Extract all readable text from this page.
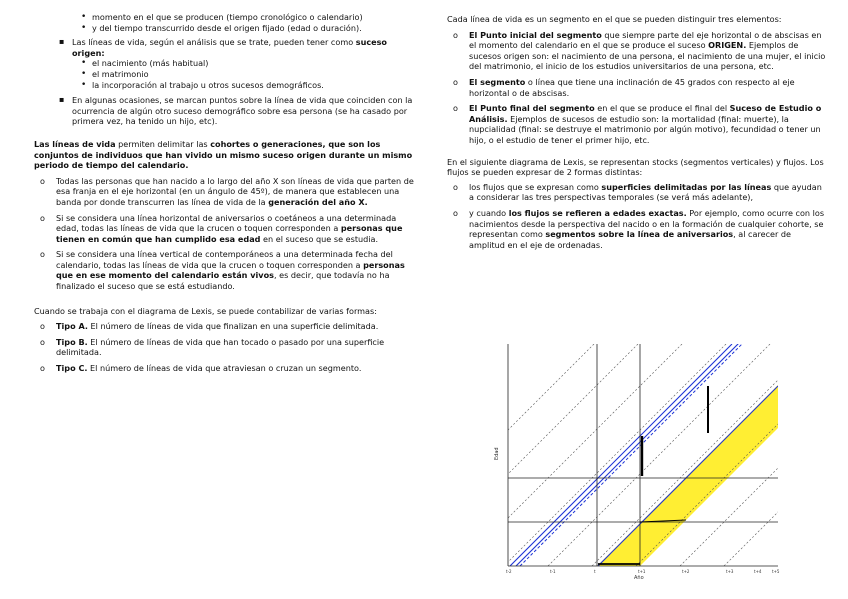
• momento en el que se producen (tiempo cronológico o calendario)
• y del tiempo transcurrido desde el origen fijado (edad o duración).
▪ Las líneas de vida, según el análisis que se trate, pueden tener como suceso origen:
• el nacimiento (más habitual)
• el matrimonio
• la incorporación al trabajo u otros sucesos demográficos.
▪ En algunas ocasiones, se marcan puntos sobre la línea de vida que coinciden con la ocurrencia de algún otro suceso demográfico sobre esa persona (se ha casado por primera vez, ha tenido un hijo, etc).

Las líneas de vida permiten delimitar las cohortes o generaciones, que son los conjuntos de individuos que han vivido un mismo suceso origen durante un mismo periodo de tiempo del calendario.

o Todas las personas que han nacido a lo largo del año X son líneas de vida que parten de esa franja en el eje horizontal (en un ángulo de 45º), de manera que establecen una banda por donde transcurren las línea de vida de la generación del año X.
o Si se considera una línea horizontal de aniversarios o coetáneos a una determinada edad, todas las líneas de vida que la crucen o toquen corresponden a personas que tienen en común que han cumplido esa edad en el suceso que se estudia.
o Si se considera una línea vertical de contemporáneos a una determinada fecha del calendario, todas las líneas de vida que la crucen o toquen corresponden a personas que en ese momento del calendario están vivos, es decir, que todavía no ha finalizado el suceso que se está estudiando.

Cuando se trabaja con el diagrama de Lexis, se puede contabilizar de varias formas:

o Tipo A. El número de líneas de vida que finalizan en una superficie delimitada.
o Tipo B. El número de líneas de vida que han tocado o pasado por una superficie delimitada.
o Tipo C. El número de líneas de vida que atraviesan o cruzan un segmento.

Cada línea de vida es un segmento en el que se pueden distinguir tres elementos:

o El Punto inicial del segmento que siempre parte del eje horizontal o de abscisas en el momento del calendario en el que se produce el suceso ORIGEN. Ejemplos de sucesos origen son: el nacimiento de una persona, el nacimiento de una mujer, el inicio del matrimonio, el inicio de los estudios universitarios de una persona, etc.
o El segmento o línea que tiene una inclinación de 45 grados con respecto al eje horizontal o de abscisas.
o El Punto final del segmento en el que se produce el final del Suceso de Estudio o Análisis. Ejemplos de sucesos de estudio son: la mortalidad (final: muerte), la nupcialidad (final: se destruye el matrimonio por algún motivo), fecundidad o tener un hijo, o el estudio de tener el primer hijo, etc.

En el siguiente diagrama de Lexis, se representan stocks (segmentos verticales) y flujos. Los flujos se pueden expresar de 2 formas distintas:

o los flujos que se expresan como superficies delimitadas por las líneas que ayudan a considerar las tres perspectivas temporales (se verá más adelante),
o y cuando los flujos se refieren a edades exactas. Por ejemplo, como ocurre con los nacimientos desde la perspectiva del nacido o en la formación de cualquier cohorte, se representan como segmentos sobre la línea de aniversarios, al carecer de amplitud en el eje de ordenadas.
t-2	t-1	t	t+1	t+2	t+3	t+4	t+5
Año
Edad
